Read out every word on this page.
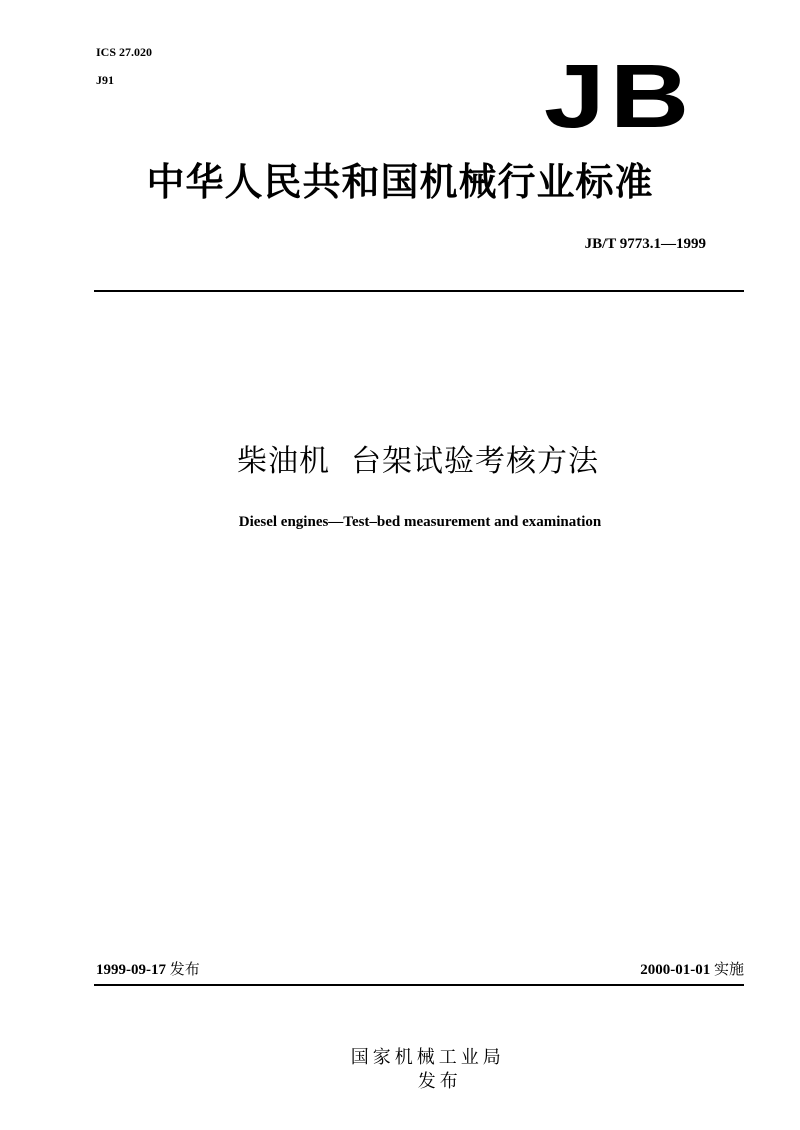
ICS 27.020
J91	JB
中华人民共和国机械行业标准
JB/T 9773.1—1999
柴油机  台架试验考核方法
Diesel engines—Test–bed measurement and examination
1999-09-17 发布	2000-01-01 实施

国家机械工业局
发布
